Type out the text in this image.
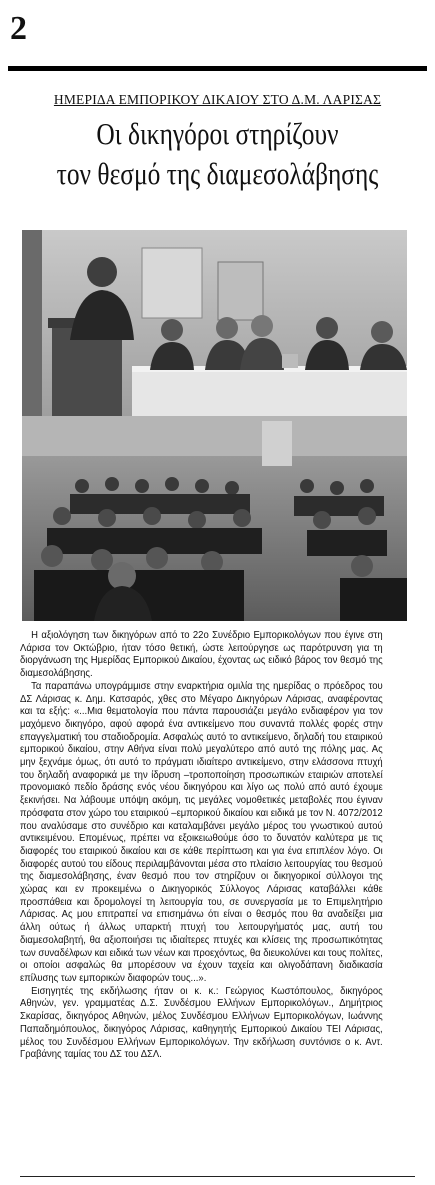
2
ΗΜΕΡΙΔΑ ΕΜΠΟΡΙΚΟΥ ΔΙΚΑΙΟΥ ΣΤΟ Δ.Μ. ΛΑΡΙΣΑΣ
Οι δικηγόροι στηρίζουν
τον θεσμό της διαμεσολάβησης

Η αξιολόγηση των δικηγόρων από το 22ο Συνέδριο Εμπορικολόγων που έγινε στη Λάρισα τον Οκτώβριο, ήταν τόσο θετική, ώστε λειτούργησε ως παρότρυνση για τη διοργάνωση της Ημερίδας Εμπορικού Δικαίου, έχοντας ως ειδικό βάρος τον θεσμό της διαμεσολάβησης.

Τα παραπάνω υπογράμμισε στην εναρκτήρια ομιλία της ημερίδας ο πρόεδρος του ΔΣ Λάρισας κ. Δημ. Κατσαρός, χθες στο Μέγαρο Δικηγόρων Λάρισας, αναφέροντας και τα εξής: «...Μια θεματολογία που πάντα παρουσιάζει μεγάλο ενδιαφέρον για τον μαχόμενο δικηγόρο, αφού αφορά ένα αντικείμενο που συναντά πολλές φορές στην επαγγελματική του σταδιοδρομία. Ασφαλώς αυτό το αντικείμενο, δηλαδή του εταιρικού εμπορικού δικαίου, στην Αθήνα είναι πολύ μεγαλύτερο από αυτό της πόλης μας. Ας μην ξεχνάμε όμως, ότι αυτό το πράγματι ιδιαίτερο αντικείμενο, στην ελάσσονα πτυχή του δηλαδή αναφορικά με την ίδρυση –τροποποίηση προσωπικών εταιριών αποτελεί προνομιακό πεδίο δράσης ενός νέου δικηγόρου και λίγο ως πολύ από αυτό έχουμε ξεκινήσει. Να λάβουμε υπόψη ακόμη, τις μεγάλες νομοθετικές μεταβολές που έγιναν πρόσφατα στον χώρο του εταιρικού –εμπορικού δικαίου και ειδικά με τον Ν. 4072/2012 που αναλύσαμε στο συνέδριο και καταλαμβάνει μεγάλο μέρος του γνωστικού αυτού αντικειμένου. Επομένως, πρέπει να εξοικειωθούμε όσο το δυνατόν καλύτερα με τις διαφορές του εταιρικού δικαίου και σε κάθε περίπτωση και για ένα επιπλέον λόγο. Οι διαφορές αυτού του είδους περιλαμβάνονται μέσα στο πλαίσιο λειτουργίας του θεσμού της διαμεσολάβησης, έναν θεσμό που τον στηρίζουν οι δικηγορικοί σύλλογοι της χώρας και εν προκειμένω ο Δικηγορικός Σύλλογος Λάρισας καταβάλλει κάθε προσπάθεια και δρομολογεί τη λειτουργία του, σε συνεργασία με το Επιμελητήριο Λάρισας. Ας μου επιτραπεί να επισημάνω ότι είναι ο θεσμός που θα αναδείξει μια άλλη ούτως ή άλλως υπαρκτή πτυχή του λειτουργήματός μας, αυτή του διαμεσολαβητή, θα αξιοποιήσει τις ιδιαίτερες πτυχές και κλίσεις της προσωπικότητας των συναδέλφων και ειδικά των νέων και προεχόντως, θα διευκολύνει και τους πολίτες, οι οποίοι ασφαλώς θα μπορέσουν να έχουν ταχεία και ολιγοδάπανη διαδικασία επίλυσης των εμπορικών διαφορών τους...».

Εισηγητές της εκδήλωσης ήταν οι κ. κ.: Γεώργιος Κωστόπουλος, δικηγόρος Αθηνών, γεν. γραμματέας Δ.Σ. Συνδέσμου Ελλήνων Εμπορικολόγων., Δημήτριος Σκαρίσας, δικηγόρος Αθηνών, μέλος Συνδέσμου Ελλήνων Εμπορικολόγων, Ιωάννης Παπαδημόπουλος, δικηγόρος Λάρισας, καθηγητής Εμπορικού Δικαίου ΤΕΙ Λάρισας, μέλος του Συνδέσμου Ελλήνων Εμπορικολόγων. Την εκδήλωση συντόνισε ο κ. Αντ. Γραβάνης ταμίας του ΔΣ του ΔΣΛ.
